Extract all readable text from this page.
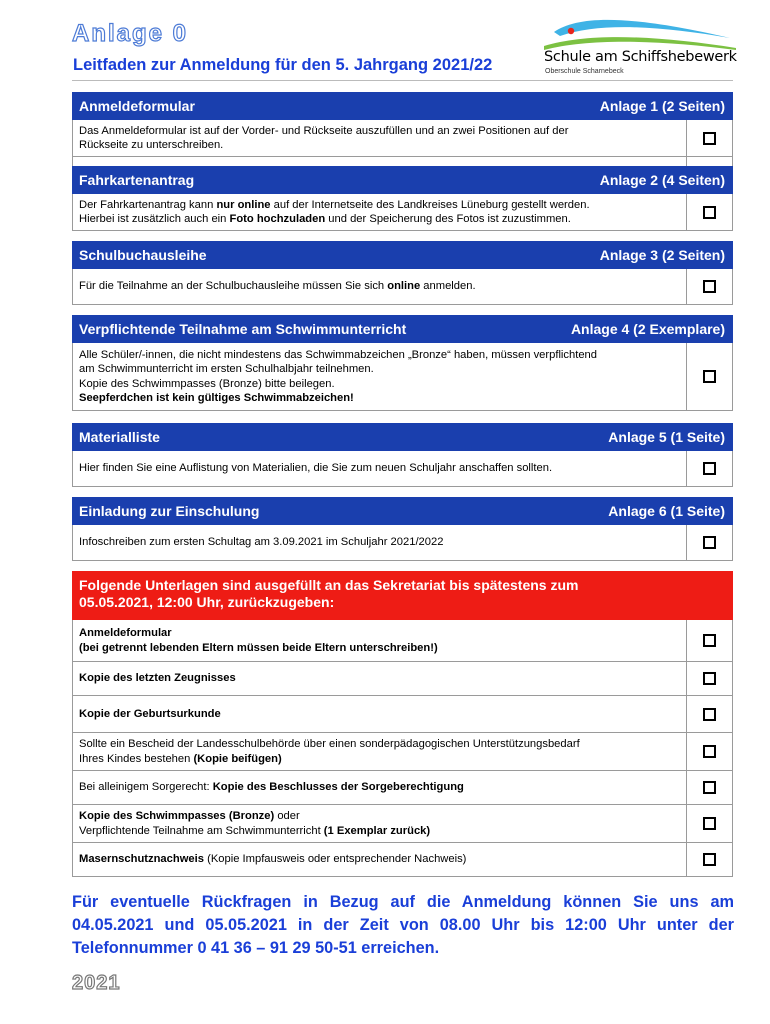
Anlage 0
Leitfaden zur Anmeldung für den 5. Jahrgang 2021/22	Schule am Schiffshebewerk
Oberschule Scharnebeck
Anmeldeformular	Anlage 1 (2 Seiten)
Das Anmeldeformular ist auf der Vorder- und Rückseite auszufüllen und an zwei Positionen auf der
Rückseite zu unterschreiben.
Fahrkartenantrag	Anlage 2 (4 Seiten)
Der Fahrkartenantrag kann nur online auf der Internetseite des Landkreises Lüneburg gestellt werden.
Hierbei ist zusätzlich auch ein Foto hochzuladen und der Speicherung des Fotos ist zuzustimmen.
Schulbuchausleihe	Anlage 3 (2 Seiten)
Für die Teilnahme an der Schulbuchausleihe müssen Sie sich online anmelden.
Verpflichtende Teilnahme am Schwimmunterricht	Anlage 4 (2 Exemplare)
Alle Schüler/-innen, die nicht mindestens das Schwimmabzeichen „Bronze“ haben, müssen verpflichtend
am Schwimmunterricht im ersten Schulhalbjahr teilnehmen.
Kopie des Schwimmpasses (Bronze) bitte beilegen.
Seepferdchen ist kein gültiges Schwimmabzeichen!
Materialliste	Anlage 5 (1 Seite)
Hier finden Sie eine Auflistung von Materialien, die Sie zum neuen Schuljahr anschaffen sollten.
Einladung zur Einschulung	Anlage 6 (1 Seite)
Infoschreiben zum ersten Schultag am 3.09.2021 im Schuljahr 2021/2022
Folgende Unterlagen sind ausgefüllt an das Sekretariat bis spätestens zum
05.05.2021, 12:00 Uhr, zurückzugeben:
Anmeldeformular
(bei getrennt lebenden Eltern müssen beide Eltern unterschreiben!)
Kopie des letzten Zeugnisses
Kopie der Geburtsurkunde
Sollte ein Bescheid der Landesschulbehörde über einen sonderpädagogischen Unterstützungsbedarf
Ihres Kindes bestehen (Kopie beifügen)
Bei alleinigem Sorgerecht: Kopie des Beschlusses der Sorgeberechtigung
Kopie des Schwimmpasses (Bronze) oder
Verpflichtende Teilnahme am Schwimmunterricht (1 Exemplar zurück)
Masernschutznachweis (Kopie Impfausweis oder entsprechender Nachweis)
Für eventuelle Rückfragen in Bezug auf die Anmeldung können Sie uns am 04.05.2021 und 05.05.2021 in der Zeit von 08.00 Uhr bis 12:00 Uhr unter der Telefonnummer 0 41 36 – 91 29 50-51 erreichen.
2021
